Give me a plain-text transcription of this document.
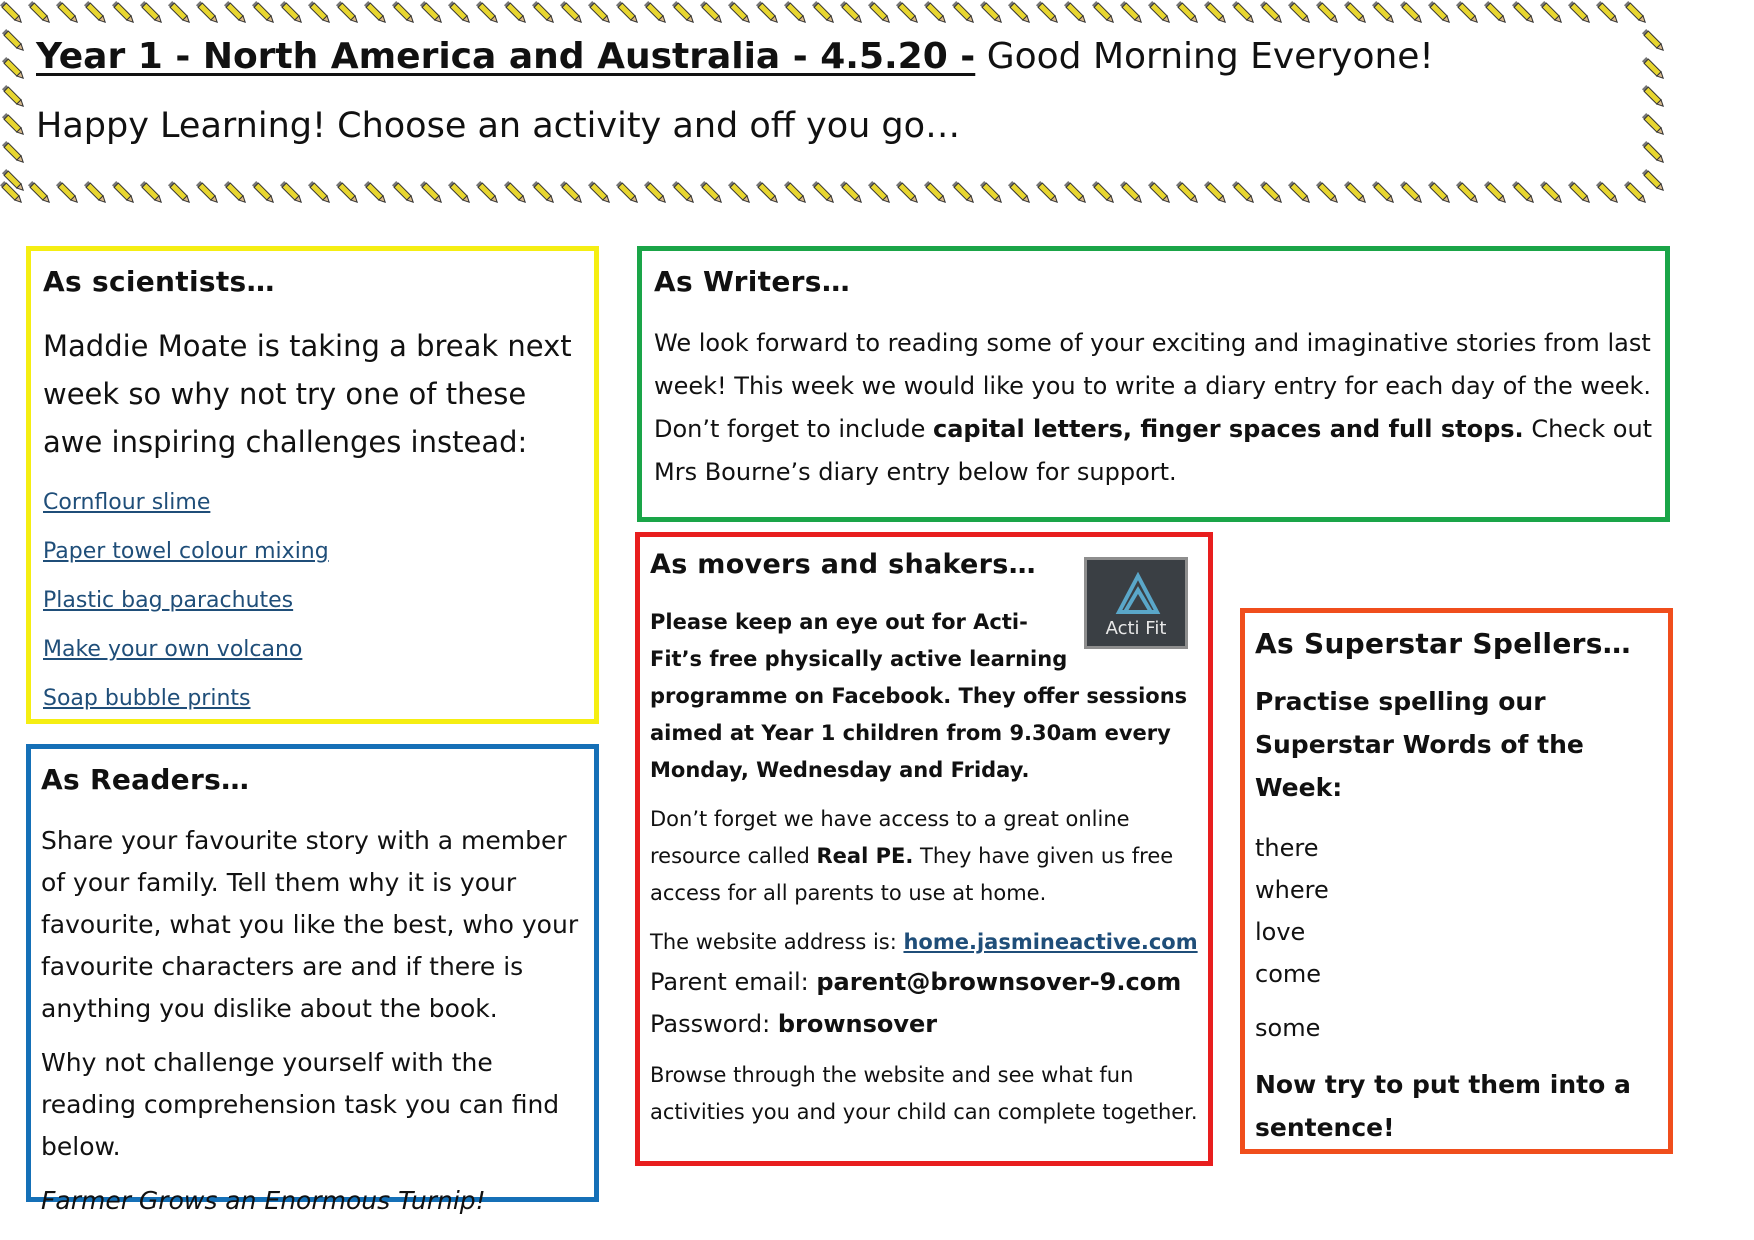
Year 1 - North America and Australia - 4.5.20 - Good Morning Everyone!
Happy Learning! Choose an activity and off you go…
As scientists…

Maddie Moate is taking a break next week so why not try one of these awe inspiring challenges instead:

Cornflour slime
Paper towel colour mixing
Plastic bag parachutes
Make your own volcano
Soap bubble prints
As Readers…

Share your favourite story with a member of your family. Tell them why it is your favourite, what you like the best, who your favourite characters are and if there is anything you dislike about the book.

Why not challenge yourself with the reading comprehension task you can find below.

Farmer Grows an Enormous Turnip!

As Writers…

We look forward to reading some of your exciting and imaginative stories from last week! This week we would like you to write a diary entry for each day of the week. Don’t forget to include capital letters, finger spaces and full stops. Check out Mrs Bourne’s diary entry below for support.

As movers and shakers…
Acti Fit

Please keep an eye out for Acti-Fit’s free physically active learning
programme on Facebook. They offer sessions aimed at Year 1 children from 9.30am every Monday, Wednesday and Friday.

Don’t forget we have access to a great online resource called Real PE. They have given us free access for all parents to use at home.

The website address is: home.jasmineactive.com

Parent email: parent@brownsover-9.com

Password: brownsover

Browse through the website and see what fun activities you and your child can complete together.

As Superstar Spellers…

Practise spelling our Superstar Words of the Week:

there
where
love
come
some

Now try to put them into a sentence!
